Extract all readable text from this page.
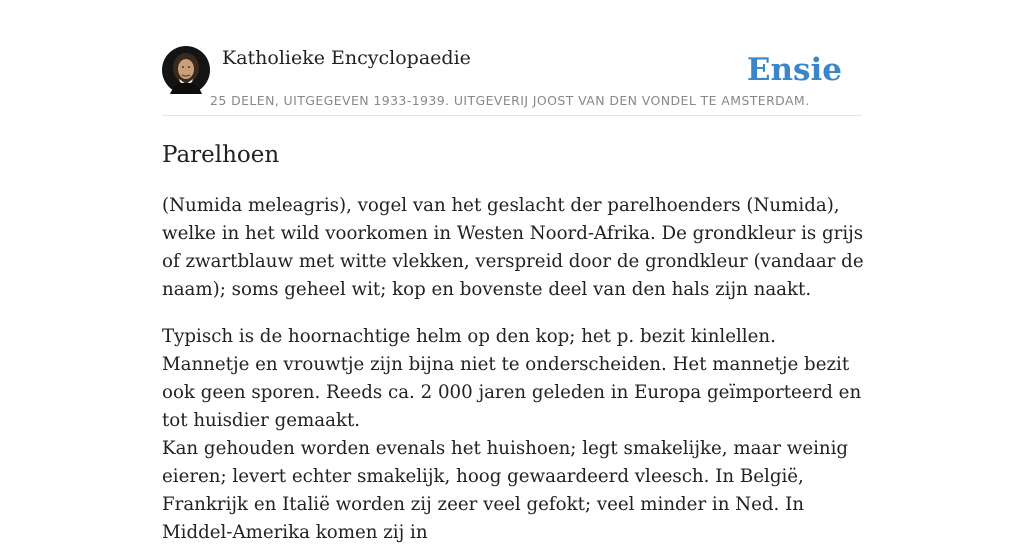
Katholieke Encyclopaedie
25 DELEN, UITGEGEVEN 1933-1939. UITGEVERIJ JOOST VAN DEN VONDEL TE AMSTERDAM.
Ensie
Parelhoen

(Numida meleagris), vogel van het geslacht der parelhoenders (Numida), welke in het wild voorkomen in Westen Noord-Afrika. De grondkleur is grijs of zwartblauw met witte vlekken, verspreid door de grondkleur (vandaar de naam); soms geheel wit; kop en bovenste deel van den hals zijn naakt.

Typisch is de hoornachtige helm op den kop; het p. bezit kinlellen. Mannetje en vrouwtje zijn bijna niet te onderscheiden. Het mannetje bezit ook geen sporen. Reeds ca. 2 000 jaren geleden in Europa geïmporteerd en tot huisdier gemaakt.

Kan gehouden worden evenals het huishoen; legt smakelijke, maar weinig eieren; levert echter smakelijk, hoog gewaardeerd vleesch. In België, Frankrijk en Italië worden zij zeer veel gefokt; veel minder in Ned. In Middel-Amerika komen zij in
